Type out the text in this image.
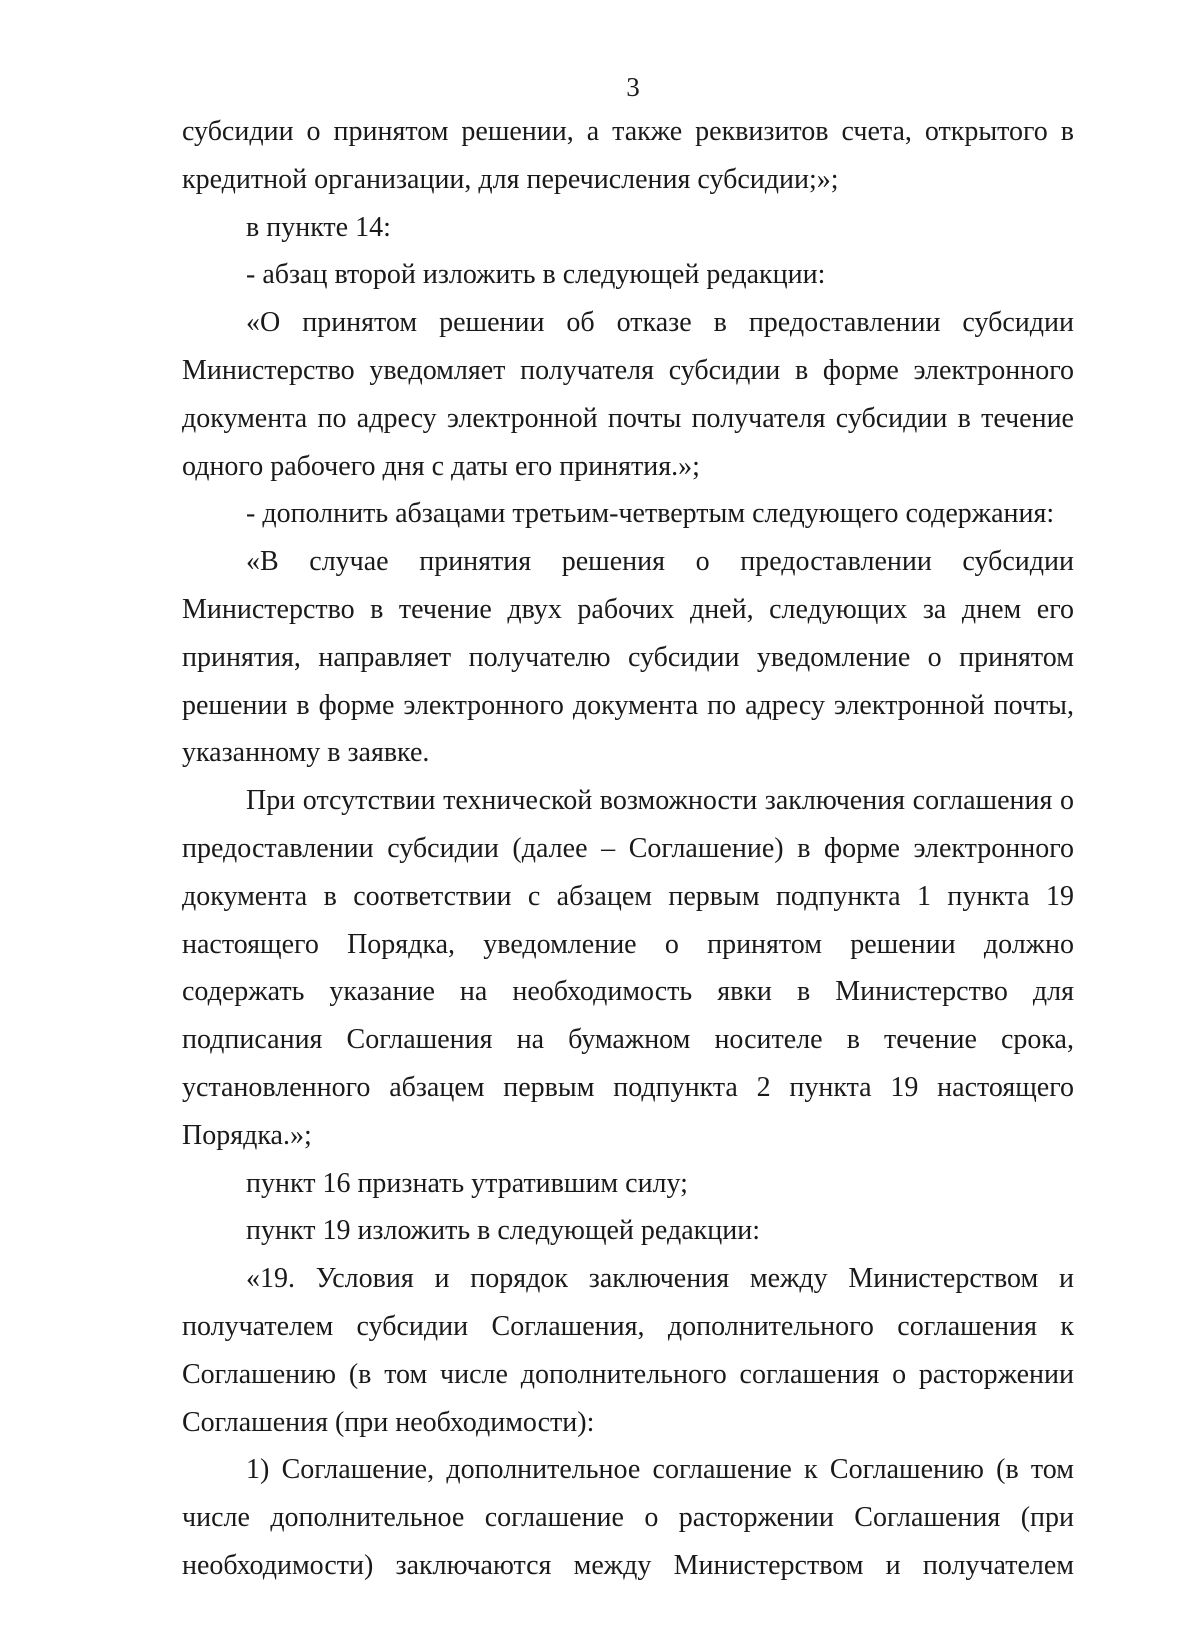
3

субсидии о принятом решении, а также реквизитов счета, открытого в кредитной организации, для перечисления субсидии;»;

в пункте 14:

- абзац второй изложить в следующей редакции:

«О принятом решении об отказе в предоставлении субсидии Министерство уведомляет получателя субсидии в форме электронного документа по адресу электронной почты получателя субсидии в течение одного рабочего дня с даты его принятия.»;

- дополнить абзацами третьим-четвертым следующего содержания:

«В случае принятия решения о предоставлении субсидии Министерство в течение двух рабочих дней, следующих за днем его принятия, направляет получателю субсидии уведомление о принятом решении в форме электронного документа по адресу электронной почты, указанному в заявке.

При отсутствии технической возможности заключения соглашения о предоставлении субсидии (далее – Соглашение) в форме электронного документа в соответствии с абзацем первым подпункта 1 пункта 19 настоящего Порядка, уведомление о принятом решении должно содержать указание на необходимость явки в Министерство для подписания Соглашения на бумажном носителе в течение срока, установленного абзацем первым подпункта 2 пункта 19 настоящего Порядка.»;

пункт 16 признать утратившим силу;

пункт 19 изложить в следующей редакции:

«19. Условия и порядок заключения между Министерством и получателем субсидии Соглашения, дополнительного соглашения к Соглашению (в том числе дополнительного соглашения о расторжении Соглашения (при необходимости):

1) Соглашение, дополнительное соглашение к Соглашению (в том числе дополнительное соглашение о расторжении Соглашения (при необходимости) заключаются между Министерством и получателем
